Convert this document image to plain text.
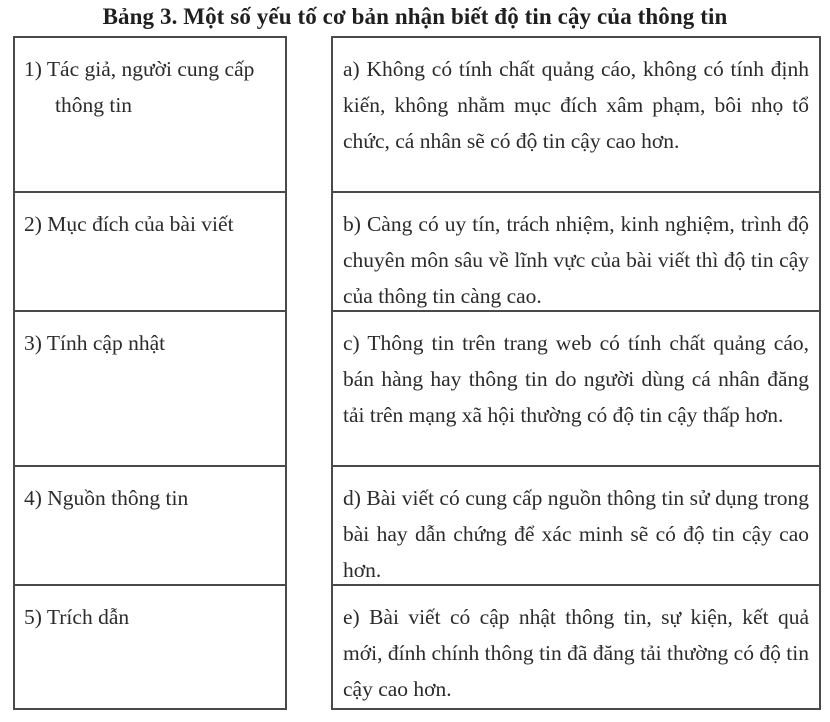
Bảng 3. Một số yếu tố cơ bản nhận biết độ tin cậy của thông tin
1) Tác giả, người cung cấp
thông tin
2) Mục đích của bài viết
3) Tính cập nhật
4) Nguồn thông tin
5) Trích dẫn
a) Không có tính chất quảng cáo, không có tính định kiến, không nhằm mục đích xâm phạm, bôi nhọ tổ chức, cá nhân sẽ có độ tin cậy cao hơn.
b) Càng có uy tín, trách nhiệm, kinh nghiệm, trình độ chuyên môn sâu về lĩnh vực của bài viết thì độ tin cậy của thông tin càng cao.
c) Thông tin trên trang web có tính chất quảng cáo, bán hàng hay thông tin do người dùng cá nhân đăng tải trên mạng xã hội thường có độ tin cậy thấp hơn.
d) Bài viết có cung cấp nguồn thông tin sử dụng trong bài hay dẫn chứng để xác minh sẽ có độ tin cậy cao hơn.
e) Bài viết có cập nhật thông tin, sự kiện, kết quả mới, đính chính thông tin đã đăng tải thường có độ tin cậy cao hơn.
